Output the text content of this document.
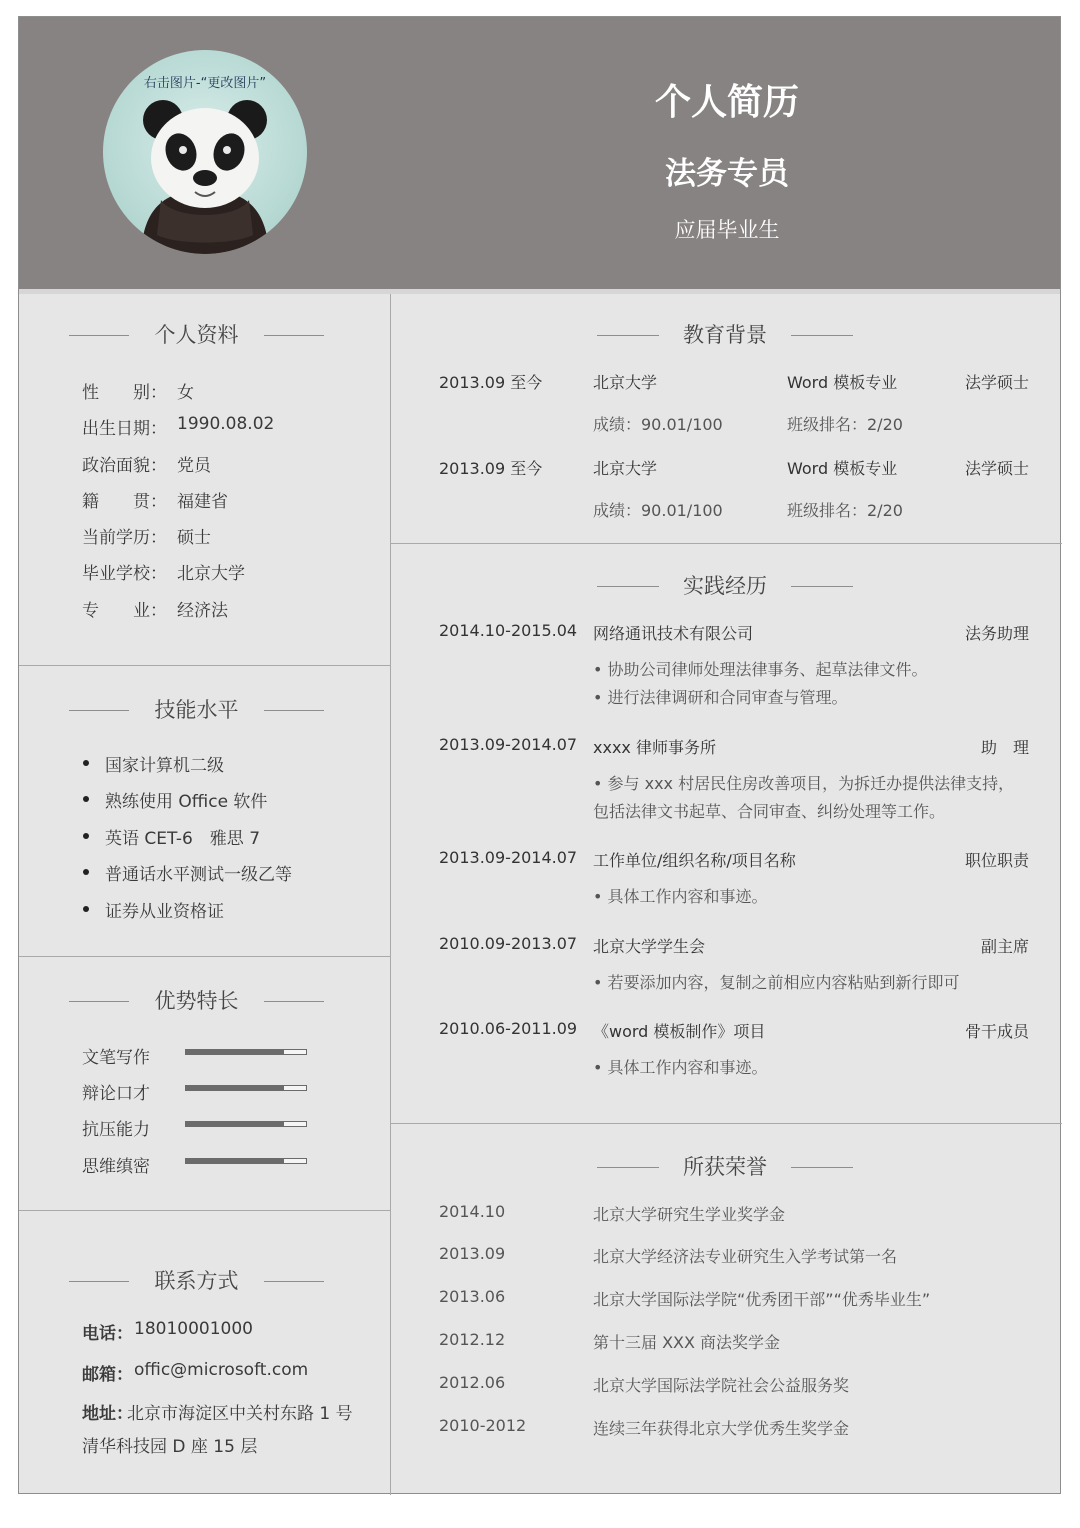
右击图片-“更改图片”	个人简历
法务专员
应届毕业生
个人资料
性　　别： 女
出生日期： 1990.08.02
政治面貌： 党员
籍　　贯： 福建省
当前学历： 硕士
毕业学校： 北京大学
专　　业： 经济法
技能水平
国家计算机二级
熟练使用 Office 软件
英语 CET-6　雅思 7
普通话水平测试一级乙等
证券从业资格证
优势特长
文笔写作
辩论口才
抗压能力
思维缜密
联系方式
电话： 18010001000
邮箱： offic@microsoft.com
地址：
北京市海淀区中关村东路 1 号
清华科技园 D 座 15 层
教育背景
2013.09 至今	北京大学	Word 模板专业	法学硕士
成绩：90.01/100	班级排名：2/20
2013.09 至今	北京大学	Word 模板专业	法学硕士
成绩：90.01/100	班级排名：2/20
实践经历
2014.10-2015.04 网络通讯技术有限公司	法务助理
• 协助公司律师处理法律事务、起草法律文件。
• 进行法律调研和合同审查与管理。
2013.09-2014.07 xxxx 律师事务所	助　理
• 参与 xxx 村居民住房改善项目，为拆迁办提供法律支持，
包括法律文书起草、合同审查、纠纷处理等工作。
2013.09-2014.07 工作单位/组织名称/项目名称	职位职责
• 具体工作内容和事迹。
2010.09-2013.07 北京大学学生会	副主席
• 若要添加内容，复制之前相应内容粘贴到新行即可
2010.06-2011.09 《word 模板制作》项目	骨干成员
• 具体工作内容和事迹。
所获荣誉
2014.10	北京大学研究生学业奖学金
2013.09	北京大学经济法专业研究生入学考试第一名
2013.06	北京大学国际法学院“优秀团干部”“优秀毕业生”
2012.12	第十三届 XXX 商法奖学金
2012.06	北京大学国际法学院社会公益服务奖
2010-2012	连续三年获得北京大学优秀生奖学金
